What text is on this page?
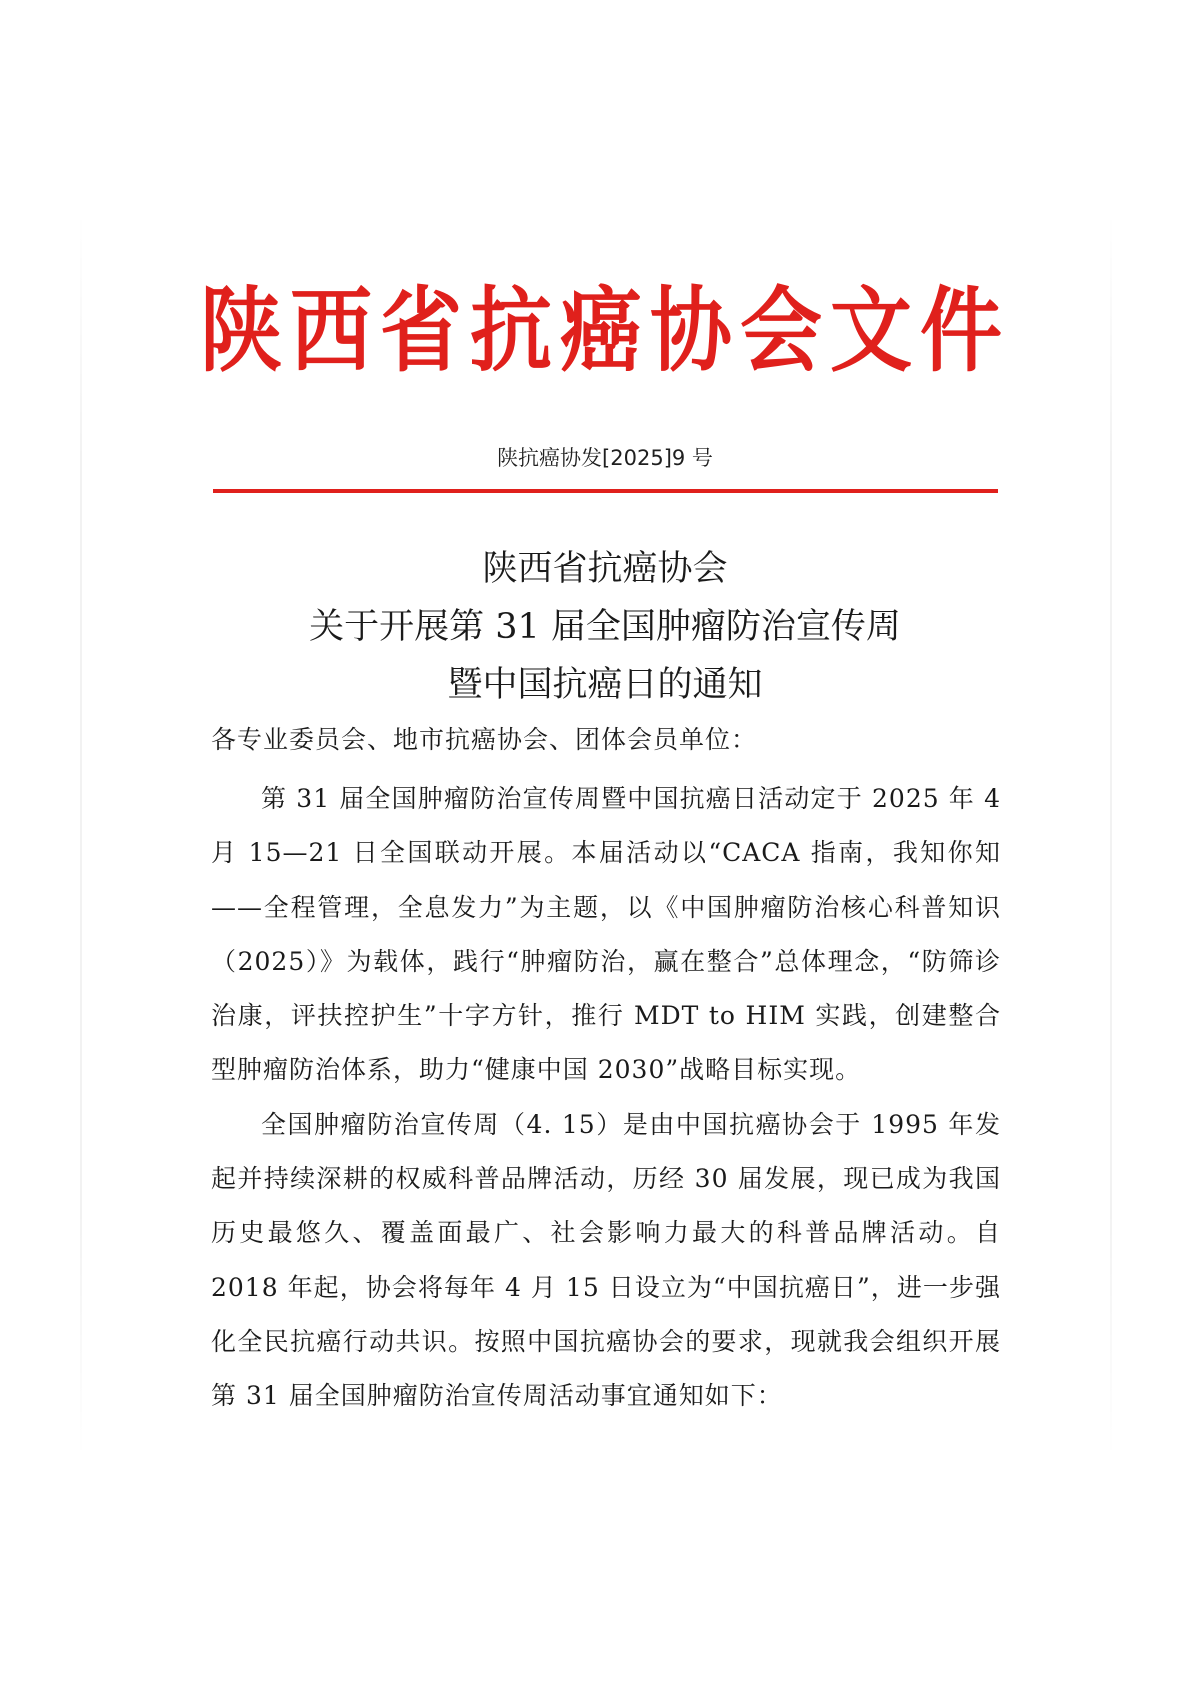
陕西省抗癌协会文件
陕抗癌协发[2025]9 号
陕西省抗癌协会
关于开展第 31 届全国肿瘤防治宣传周
暨中国抗癌日的通知

各专业委员会、地市抗癌协会、团体会员单位：

第 31 届全国肿瘤防治宣传周暨中国抗癌日活动定于 2025 年 4 月 15—21 日全国联动开展。本届活动以“CACA 指南，我知你知——全程管理，全息发力”为主题，以《中国肿瘤防治核心科普知识（2025）》为载体，践行“肿瘤防治，赢在整合”总体理念，“防筛诊治康，评扶控护生”十字方针，推行 MDT to HIM 实践，创建整合型肿瘤防治体系，助力“健康中国 2030”战略目标实现。

全国肿瘤防治宣传周（4. 15）是由中国抗癌协会于 1995 年发起并持续深耕的权威科普品牌活动，历经 30 届发展，现已成为我国历史最悠久、覆盖面最广、社会影响力最大的科普品牌活动。自 2018 年起，协会将每年 4 月 15 日设立为“中国抗癌日”，进一步强化全民抗癌行动共识。按照中国抗癌协会的要求，现就我会组织开展第 31 届全国肿瘤防治宣传周活动事宜通知如下：
